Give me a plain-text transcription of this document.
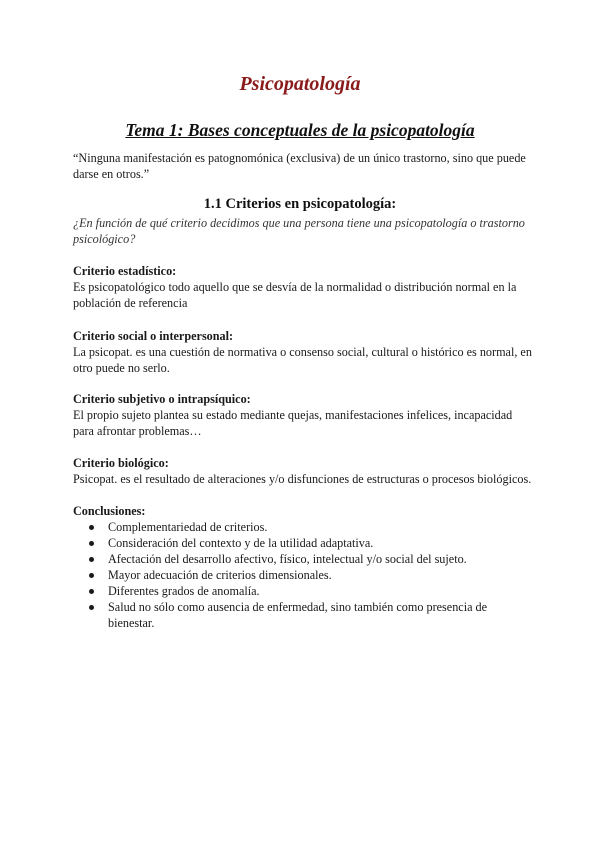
Psicopatología
Tema 1: Bases conceptuales de la psicopatología

“Ninguna manifestación es patognomónica (exclusiva) de un único trastorno, sino que puede darse en otros.”

1.1 Criterios en psicopatología:

¿En función de qué criterio decidimos que una persona tiene una psicopatología o trastorno psicológico?

Criterio estadístico:

Es psicopatológico todo aquello que se desvía de la normalidad o distribución normal en la población de referencia

Criterio social o interpersonal:

La psicopat. es una cuestión de normativa o consenso social, cultural o histórico es normal, en otro puede no serlo.

Criterio subjetivo o intrapsíquico:

El propio sujeto plantea su estado mediante quejas, manifestaciones infelices, incapacidad para afrontar problemas…

Criterio biológico:

Psicopat. es el resultado de alteraciones y/o disfunciones de estructuras o procesos biológicos.

Conclusiones:

Complementariedad de criterios.
Consideración del contexto y de la utilidad adaptativa.
Afectación del desarrollo afectivo, físico, intelectual y/o social del sujeto.
Mayor adecuación de criterios dimensionales.
Diferentes grados de anomalía.
Salud no sólo como ausencia de enfermedad, sino también como presencia de bienestar.
